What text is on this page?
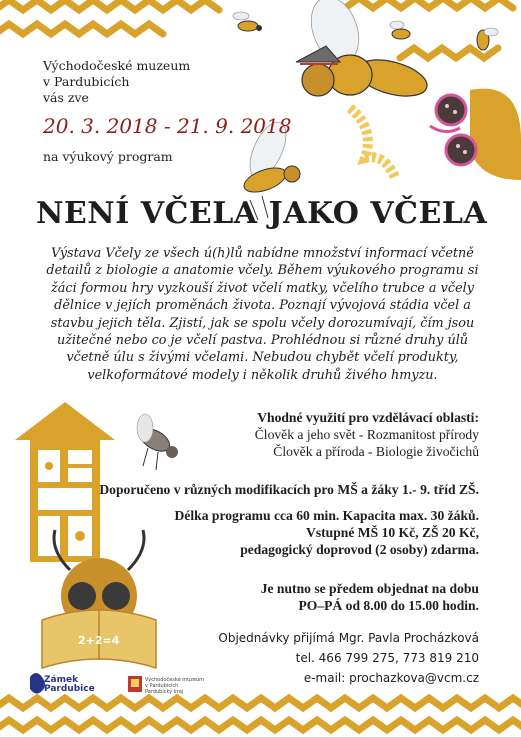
Východočeské muzeum
v Pardubicích
vás zve
20. 3. 2018 - 21. 9. 2018
na výukový program
NENÍ VČELA JAKO VČELA
Výstava Včely ze všech ú(h)lů nabídne množství informací včetně detailů z biologie a anatomie včely. Během výukového programu si žáci formou hry vyzkouší život včelí matky, včelího trubce a včely dělnice v jejích proměnách života. Poznají vývojová stádia včel a stavbu jejich těla. Zjistí, jak se spolu včely dorozumívají, čím jsou užitečné nebo co je včelí pastva. Prohlédnou si různé druhy úlů včetně úlu s živými včelami. Nebudou chybět včelí produkty, velkoformátové modely i několik druhů živého hmyzu.
Vhodné využití pro vzdělávací oblasti:
Člověk a jeho svět - Rozmanitost přírody
Člověk a příroda - Biologie živočichů
Doporučeno v různých modifikacích pro MŠ a žáky 1.- 9. tříd ZŠ.
Délka programu cca 60 min. Kapacita max. 30 žáků.
Vstupné MŠ 10 Kč, ZŠ 20 Kč,
pedagogický doprovod (2 osoby) zdarma.
Je nutno se předem objednat na dobu
PO–PÁ od 8.00 do 15.00 hodin.
Objednávky přijímá Mgr. Pavla Procházková
tel. 466 799 275, 773 819 210
e-mail: prochazkova@vcm.cz
2+2=4
Zámek
Pardubice
Východočeské muzeum
v Pardubicích
Pardubický kraj
